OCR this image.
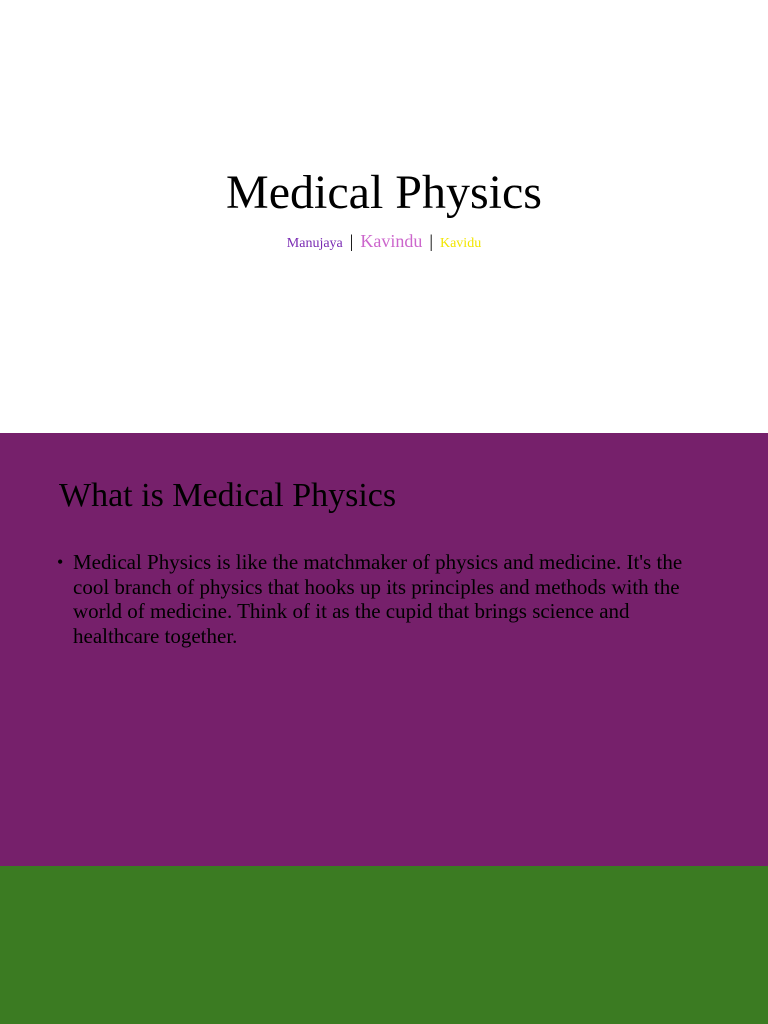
Medical Physics
Manujaya | Kavindu | Kavidu
What is Medical Physics
• Medical Physics is like the matchmaker of physics and medicine. It's the cool branch of physics that hooks up its principles and methods with the world of medicine. Think of it as the cupid that brings science and healthcare together.
